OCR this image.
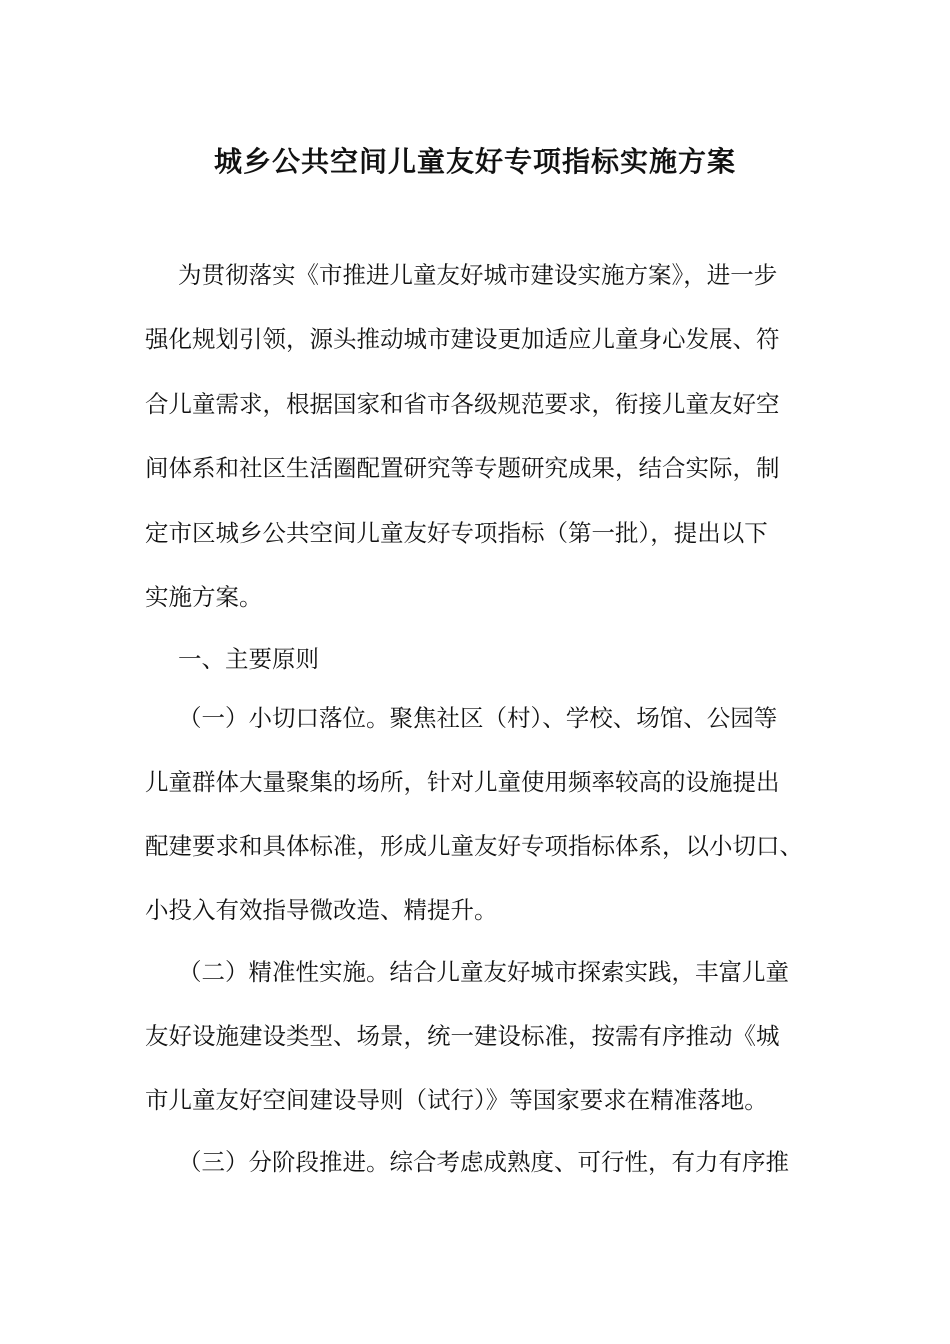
城乡公共空间儿童友好专项指标实施方案

为贯彻落实《市推进儿童友好城市建设实施方案》，进一步

强化规划引领，源头推动城市建设更加适应儿童身心发展、符

合儿童需求，根据国家和省市各级规范要求，衔接儿童友好空

间体系和社区生活圈配置研究等专题研究成果，结合实际，制

定市区城乡公共空间儿童友好专项指标（第一批），提出以下

实施方案。

一、主要原则

（一）小切口落位。聚焦社区（村）、学校、场馆、公园等

儿童群体大量聚集的场所，针对儿童使用频率较高的设施提出

配建要求和具体标准，形成儿童友好专项指标体系，以小切口、

小投入有效指导微改造、精提升。

（二）精准性实施。结合儿童友好城市探索实践，丰富儿童

友好设施建设类型、场景，统一建设标准，按需有序推动《城

市儿童友好空间建设导则（试行）》等国家要求在精准落地。

（三）分阶段推进。综合考虑成熟度、可行性，有力有序推
